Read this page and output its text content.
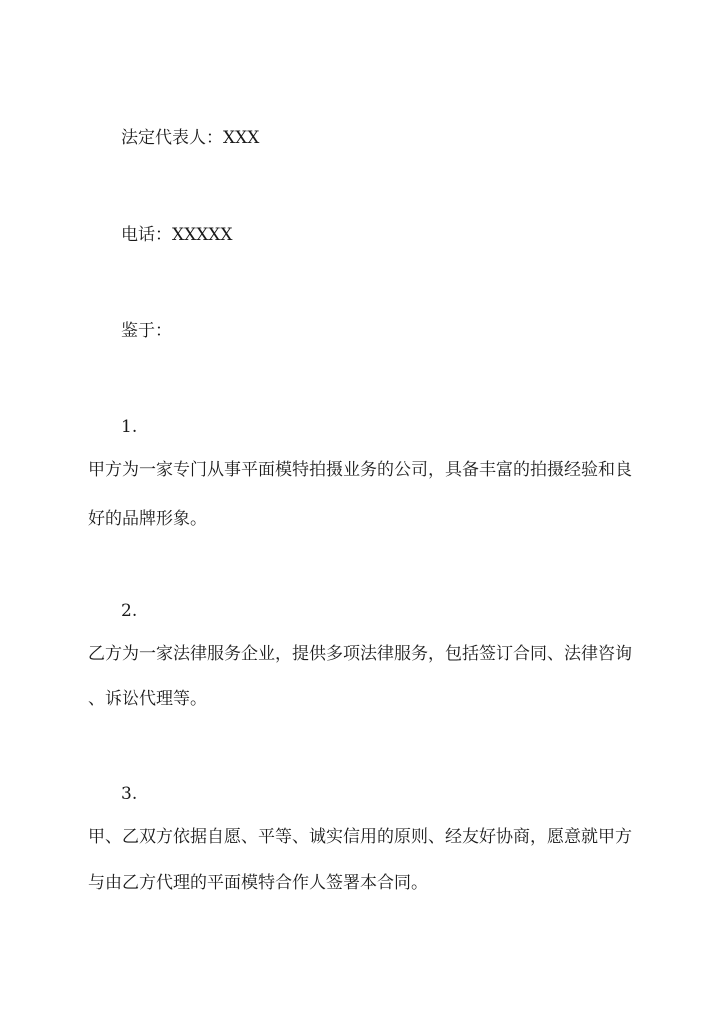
法定代表人：XXX
电话：XXXXX
鉴于：
1.
甲方为一家专门从事平面模特拍摄业务的公司，具备丰富的拍摄经验和良
好的品牌形象。
2.
乙方为一家法律服务企业，提供多项法律服务，包括签订合同、法律咨询
、诉讼代理等。
3.
甲、乙双方依据自愿、平等、诚实信用的原则、经友好协商，愿意就甲方
与由乙方代理的平面模特合作人签署本合同。
